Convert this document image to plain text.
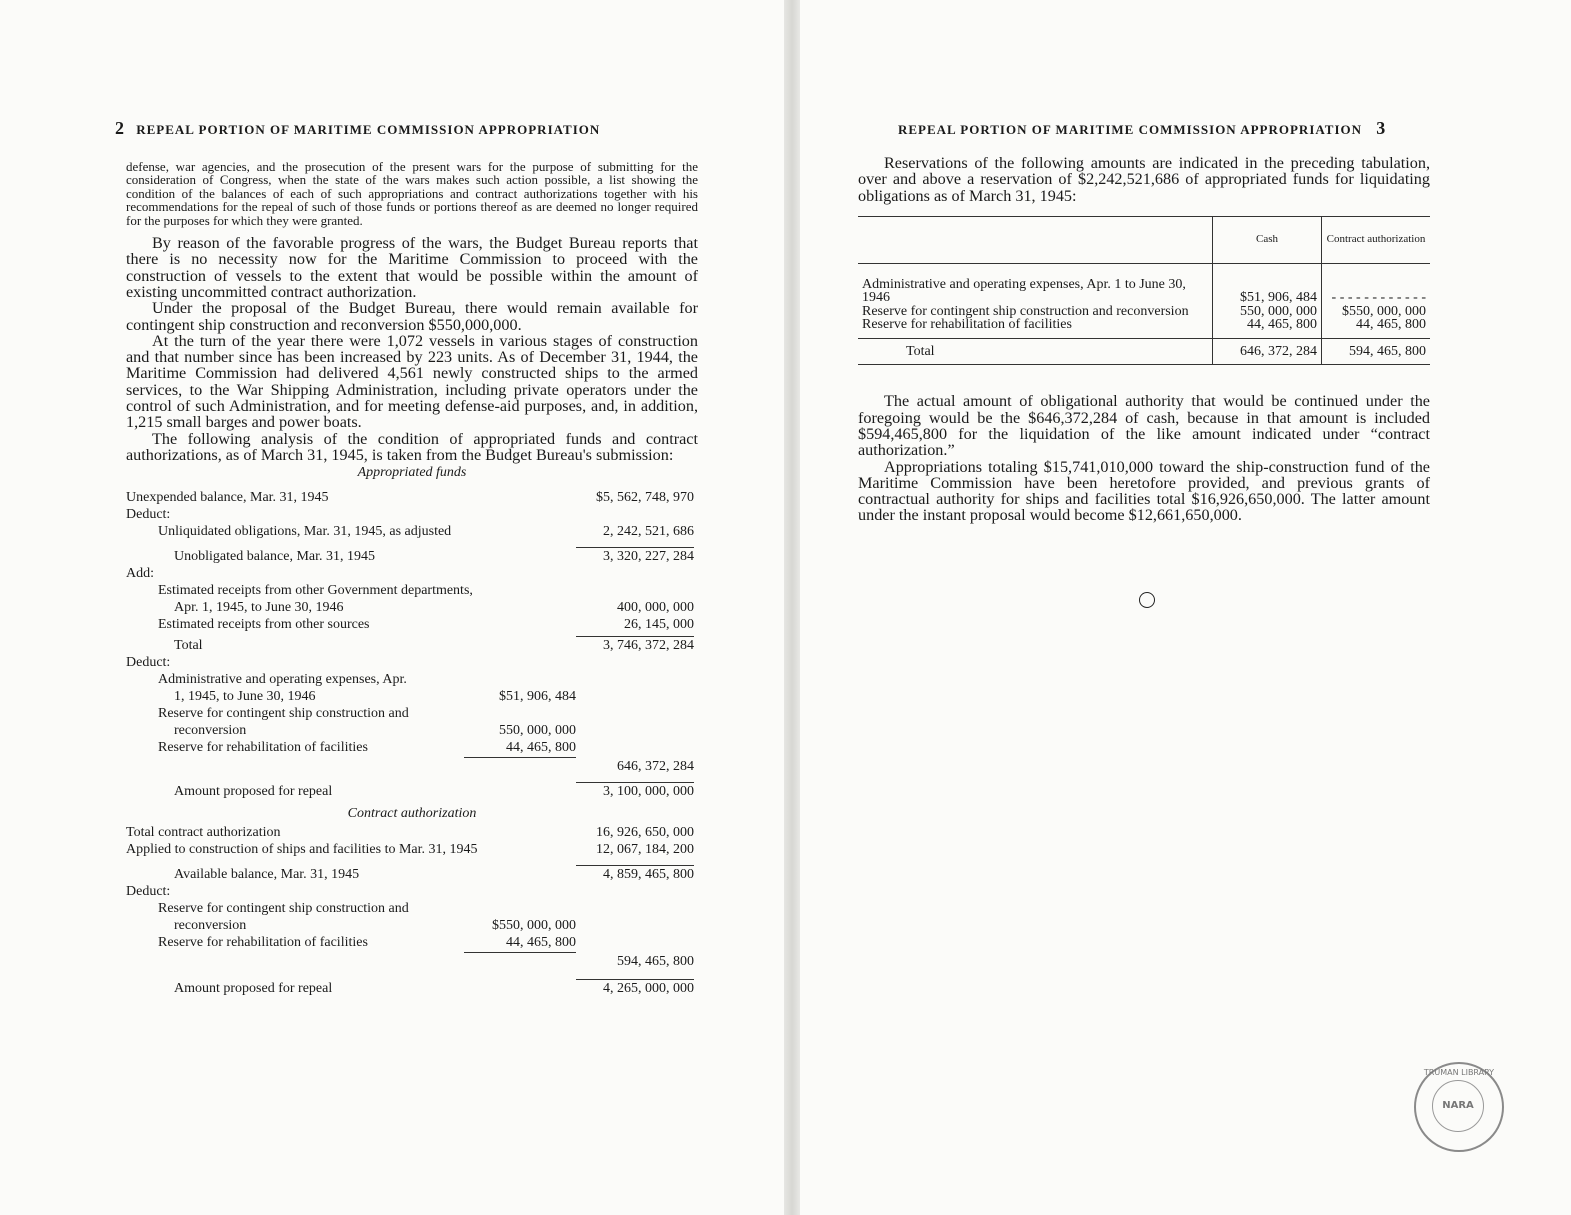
2 REPEAL PORTION OF MARITIME COMMISSION APPROPRIATION

defense, war agencies, and the prosecution of the present wars for the purpose of submitting for the consideration of Congress, when the state of the wars makes such action possible, a list showing the condition of the balances of each of such appropriations and contract authorizations together with his recommendations for the repeal of such of those funds or portions thereof as are deemed no longer required for the purposes for which they were granted.

By reason of the favorable progress of the wars, the Budget Bureau reports that there is no necessity now for the Maritime Commission to proceed with the construction of vessels to the extent that would be possible within the amount of existing uncommitted contract authorization.

Under the proposal of the Budget Bureau, there would remain available for contingent ship construction and reconversion $550,000,000.

At the turn of the year there were 1,072 vessels in various stages of construction and that number since has been increased by 223 units. As of December 31, 1944, the Maritime Commission had delivered 4,561 newly constructed ships to the armed services, to the War Shipping Administration, including private operators under the control of such Administration, and for meeting defense-aid purposes, and, in addition, 1,215 small barges and power boats.

The following analysis of the condition of appropriated funds and contract authorizations, as of March 31, 1945, is taken from the Budget Bureau's submission:

Appropriated funds
Unexpended balance, Mar. 31, 1945	$5, 562, 748, 970
Deduct:
Unliquidated obligations, Mar. 31, 1945, as adjusted	2, 242, 521, 686
Unobligated balance, Mar. 31, 1945	3, 320, 227, 284
Add:
Estimated receipts from other Government departments,
Apr. 1, 1945, to June 30, 1946	400, 000, 000
Estimated receipts from other sources	26, 145, 000
Total	3, 746, 372, 284
Deduct:
Administrative and operating expenses, Apr.
1, 1945, to June 30, 1946	$51, 906, 484
Reserve for contingent ship construction and
reconversion	550, 000, 000
Reserve for rehabilitation of facilities	44, 465, 800
646, 372, 284
Amount proposed for repeal	3, 100, 000, 000
Contract authorization
Total contract authorization	16, 926, 650, 000
Applied to construction of ships and facilities to Mar. 31, 1945	12, 067, 184, 200
Available balance, Mar. 31, 1945	4, 859, 465, 800
Deduct:
Reserve for contingent ship construction and
reconversion	$550, 000, 000
Reserve for rehabilitation of facilities	44, 465, 800
594, 465, 800
Amount proposed for repeal	4, 265, 000, 000
REPEAL PORTION OF MARITIME COMMISSION APPROPRIATION 3

Reservations of the following amounts are indicated in the preceding tabulation, over and above a reservation of $2,242,521,686 of appropriated funds for liquidating obligations as of March 31, 1945:

	Cash	Contract authorization
Administrative and operating expenses, Apr. 1 to June 30, 1946	$51, 906, 484	- - - - - - - - - - - -
Reserve for contingent ship construction and reconversion	550, 000, 000	$550, 000, 000
Reserve for rehabilitation of facilities	44, 465, 800	44, 465, 800
Total	646, 372, 284	594, 465, 800

The actual amount of obligational authority that would be continued under the foregoing would be the $646,372,284 of cash, because in that amount is included $594,465,800 for the liquidation of the like amount indicated under “contract authorization.”

Appropriations totaling $15,741,010,000 toward the ship-construction fund of the Maritime Commission have been heretofore provided, and previous grants of contractual authority for ships and facilities total $16,926,650,000. The latter amount under the instant proposal would become $12,661,650,000.

TRUMAN LIBRARY
NARA
